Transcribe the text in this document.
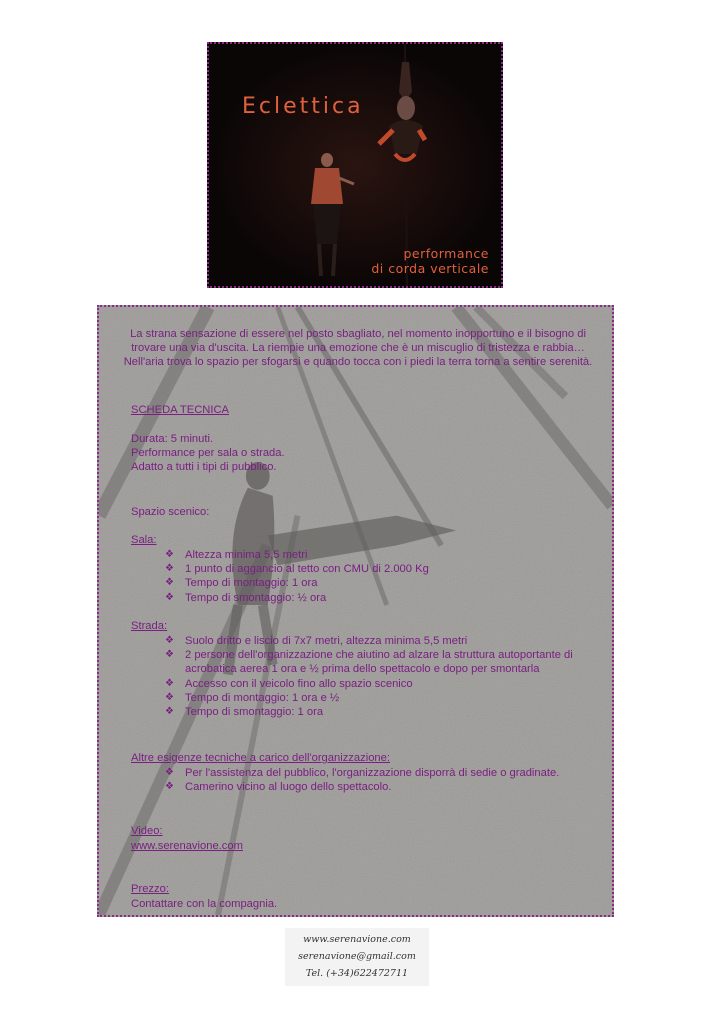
Eclettica
performance
di corda verticale
La strana sensazione di essere nel posto sbagliato, nel momento inopportuno e il bisogno di trovare una via d'uscita. La riempie una emozione che è un miscuglio di tristezza e rabbia… Nell'aria trova lo spazio per sfogarsi e quando tocca con i piedi la terra torna a sentire serenità.
SCHEDA TECNICA
Durata: 5 minuti.
Performance per sala o strada.
Adatto a tutti i tipi di pubblico.
Spazio scenico:
Sala:
❖ Altezza minima 5,5 metri
❖ 1 punto di aggancio al tetto con CMU di 2.000 Kg
❖ Tempo di montaggio: 1 ora
❖ Tempo di smontaggio: ½ ora
Strada:
❖ Suolo dritto e liscio di 7x7 metri, altezza minima 5,5 metri
❖ 2 persone dell'organizzazione che aiutino ad alzare la struttura autoportante di acrobatica aerea 1 ora e ½ prima dello spettacolo e dopo per smontarla
❖ Accesso con il veicolo fino allo spazio scenico
❖ Tempo di montaggio: 1 ora e ½
❖ Tempo di smontaggio: 1 ora
Altre esigenze tecniche a carico dell'organizzazione:
❖ Per l'assistenza del pubblico, l'organizzazione disporrà di sedie o gradinate.
❖ Camerino vicino al luogo dello spettacolo.
Video:
www.serenavione.com
Prezzo:
Contattare con la compagnia.
www.serenavione.com
serenavione@gmail.com
Tel. (+34)622472711
